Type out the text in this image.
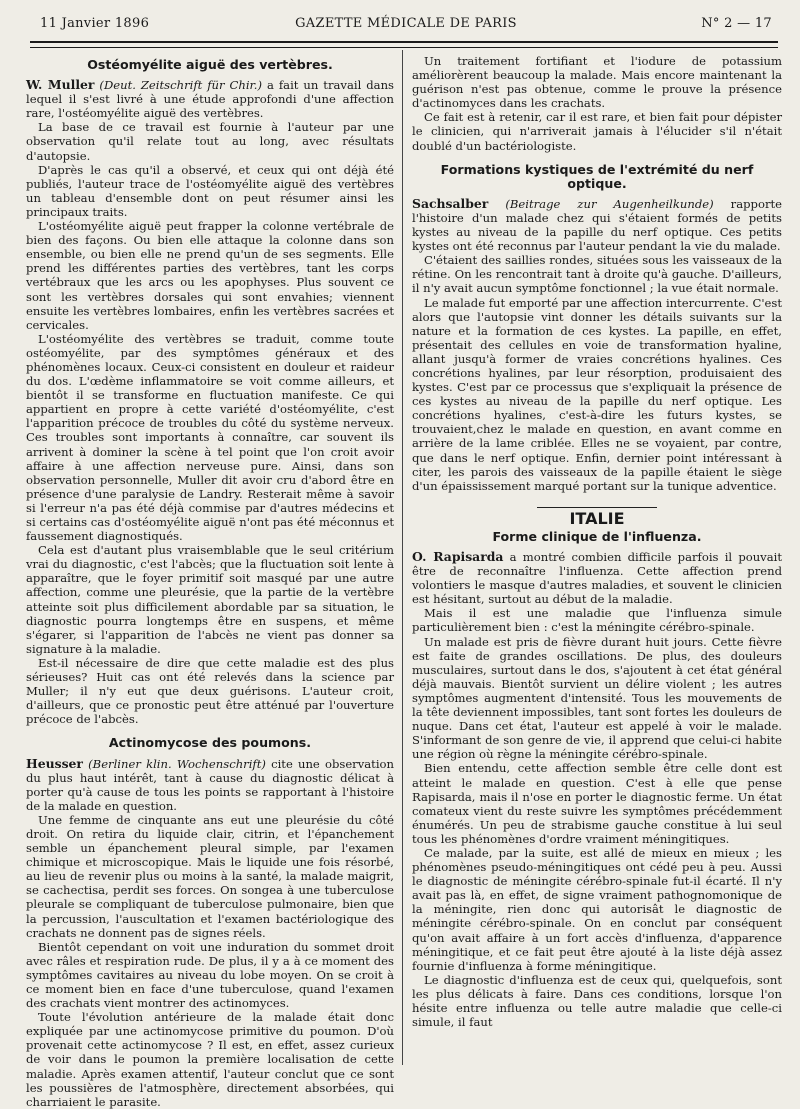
11 Janvier 1896	GAZETTE MÉDICALE DE PARIS	N° 2 — 17
Ostéomyélite aiguë des vertèbres.

W. Muller (Deut. Zeitschrift für Chir.) a fait un travail dans lequel il s'est livré à une étude approfondi d'une affection rare, l'ostéomyélite aiguë des vertèbres.

La base de ce travail est fournie à l'auteur par une observation qu'il relate tout au long, avec résultats d'autopsie.

D'après le cas qu'il a observé, et ceux qui ont déjà été publiés, l'auteur trace de l'ostéomyélite aiguë des vertèbres un tableau d'ensemble dont on peut résumer ainsi les principaux traits.

L'ostéomyélite aiguë peut frapper la colonne vertébrale de bien des façons. Ou bien elle attaque la colonne dans son ensemble, ou bien elle ne prend qu'un de ses segments. Elle prend les différentes parties des vertèbres, tant les corps vertébraux que les arcs ou les apophyses. Plus souvent ce sont les vertèbres dorsales qui sont envahies; viennent ensuite les vertèbres lombaires, enfin les vertèbres sacrées et cervicales.

L'ostéomyélite des vertèbres se traduit, comme toute ostéomyélite, par des symptômes généraux et des phénomènes locaux. Ceux-ci consistent en douleur et raideur du dos. L'œdème inflammatoire se voit comme ailleurs, et bientôt il se transforme en fluctuation manifeste. Ce qui appartient en propre à cette variété d'ostéomyélite, c'est l'apparition précoce de troubles du côté du système nerveux. Ces troubles sont importants à connaître, car souvent ils arrivent à dominer la scène à tel point que l'on croit avoir affaire à une affection nerveuse pure. Ainsi, dans son observation personnelle, Muller dit avoir cru d'abord être en présence d'une paralysie de Landry. Resterait même à savoir si l'erreur n'a pas été déjà commise par d'autres médecins et si certains cas d'ostéomyélite aiguë n'ont pas été méconnus et faussement diagnostiqués.

Cela est d'autant plus vraisemblable que le seul critérium vrai du diagnostic, c'est l'abcès; que la fluctuation soit lente à apparaître, que le foyer primitif soit masqué par une autre affection, comme une pleurésie, que la partie de la vertèbre atteinte soit plus difficilement abordable par sa situation, le diagnostic pourra longtemps être en suspens, et même s'égarer, si l'apparition de l'abcès ne vient pas donner sa signature à la maladie.

Est-il nécessaire de dire que cette maladie est des plus sérieuses? Huit cas ont été relevés dans la science par Muller; il n'y eut que deux guérisons. L'auteur croit, d'ailleurs, que ce pronostic peut être atténué par l'ouverture précoce de l'abcès.

Actinomycose des poumons.

Heusser (Berliner klin. Wochenschrift) cite une observation du plus haut intérêt, tant à cause du diagnostic délicat à porter qu'à cause de tous les points se rapportant à l'histoire de la malade en question.

Une femme de cinquante ans eut une pleurésie du côté droit. On retira du liquide clair, citrin, et l'épanchement semble un épanchement pleural simple, par l'examen chimique et microscopique. Mais le liquide une fois résorbé, au lieu de revenir plus ou moins à la santé, la malade maigrit, se cachectisa, perdit ses forces. On songea à une tuberculose pleurale se compliquant de tuberculose pulmonaire, bien que la percussion, l'auscultation et l'examen bactériologique des crachats ne donnent pas de signes réels.

Bientôt cependant on voit une induration du sommet droit avec râles et respiration rude. De plus, il y a à ce moment des symptômes cavitaires au niveau du lobe moyen. On se croit à ce moment bien en face d'une tuberculose, quand l'examen des crachats vient montrer des actinomyces.

Toute l'évolution antérieure de la malade était donc expliquée par une actinomycose primitive du poumon. D'où provenait cette actinomycose ? Il est, en effet, assez curieux de voir dans le poumon la première localisation de cette maladie. Après examen attentif, l'auteur conclut que ce sont les poussières de l'atmosphère, directement absorbées, qui charriaient le parasite.

Un traitement fortifiant et l'iodure de potassium améliorèrent beaucoup la malade. Mais encore maintenant la guérison n'est pas obtenue, comme le prouve la présence d'actinomyces dans les crachats.

Ce fait est à retenir, car il est rare, et bien fait pour dépister le clinicien, qui n'arriverait jamais à l'élucider s'il n'était doublé d'un bactériologiste.

Formations kystiques de l'extrémité du nerf optique.

Sachsalber (Beitrage zur Augenheilkunde) rapporte l'histoire d'un malade chez qui s'étaient formés de petits kystes au niveau de la papille du nerf optique. Ces petits kystes ont été reconnus par l'auteur pendant la vie du malade.

C'étaient des saillies rondes, situées sous les vaisseaux de la rétine. On les rencontrait tant à droite qu'à gauche. D'ailleurs, il n'y avait aucun symptôme fonctionnel ; la vue était normale.

Le malade fut emporté par une affection intercurrente. C'est alors que l'autopsie vint donner les détails suivants sur la nature et la formation de ces kystes. La papille, en effet, présentait des cellules en voie de transformation hyaline, allant jusqu'à former de vraies concrétions hyalines. Ces concrétions hyalines, par leur résorption, produisaient des kystes. C'est par ce processus que s'expliquait la présence de ces kystes au niveau de la papille du nerf optique. Les concrétions hyalines, c'est-à-dire les futurs kystes, se trouvaient,chez le malade en question, en avant comme en arrière de la lame criblée. Elles ne se voyaient, par contre, que dans le nerf optique. Enfin, dernier point intéressant à citer, les parois des vaisseaux de la papille étaient le siège d'un épaississement marqué portant sur la tunique adventice.

ITALIE
Forme clinique de l'influenza.

O. Rapisarda a montré combien difficile parfois il pouvait être de reconnaître l'influenza. Cette affection prend volontiers le masque d'autres maladies, et souvent le clinicien est hésitant, surtout au début de la maladie.

Mais il est une maladie que l'influenza simule particulièrement bien : c'est la méningite cérébro-spinale.

Un malade est pris de fièvre durant huit jours. Cette fièvre est faite de grandes oscillations. De plus, des douleurs musculaires, surtout dans le dos, s'ajoutent à cet état général déjà mauvais. Bientôt survient un délire violent ; les autres symptômes augmentent d'intensité. Tous les mouvements de la tête deviennent impossibles, tant sont fortes les douleurs de nuque. Dans cet état, l'auteur est appelé à voir le malade. S'informant de son genre de vie, il apprend que celui-ci habite une région où règne la méningite cérébro-spinale.

Bien entendu, cette affection semble être celle dont est atteint le malade en question. C'est à elle que pense Rapisarda, mais il n'ose en porter le diagnostic ferme. Un état comateux vient du reste suivre les symptômes précédemment énumérés. Un peu de strabisme gauche constitue à lui seul tous les phénomènes d'ordre vraiment méningitiques.

Ce malade, par la suite, est allé de mieux en mieux ; les phénomènes pseudo-méningitiques ont cédé peu à peu. Aussi le diagnostic de méningite cérébro-spinale fut-il écarté. Il n'y avait pas là, en effet, de signe vraiment pathognomonique de la méningite, rien donc qui autorisât le diagnostic de méningite cérébro-spinale. On en conclut par conséquent qu'on avait affaire à un fort accès d'influenza, d'apparence méningitique, et ce fait peut être ajouté à la liste déjà assez fournie d'influenza à forme méningitique.

Le diagnostic d'influenza est de ceux qui, quelquefois, sont les plus délicats à faire. Dans ces conditions, lorsque l'on hésite entre influenza ou telle autre maladie que celle-ci simule, il faut
